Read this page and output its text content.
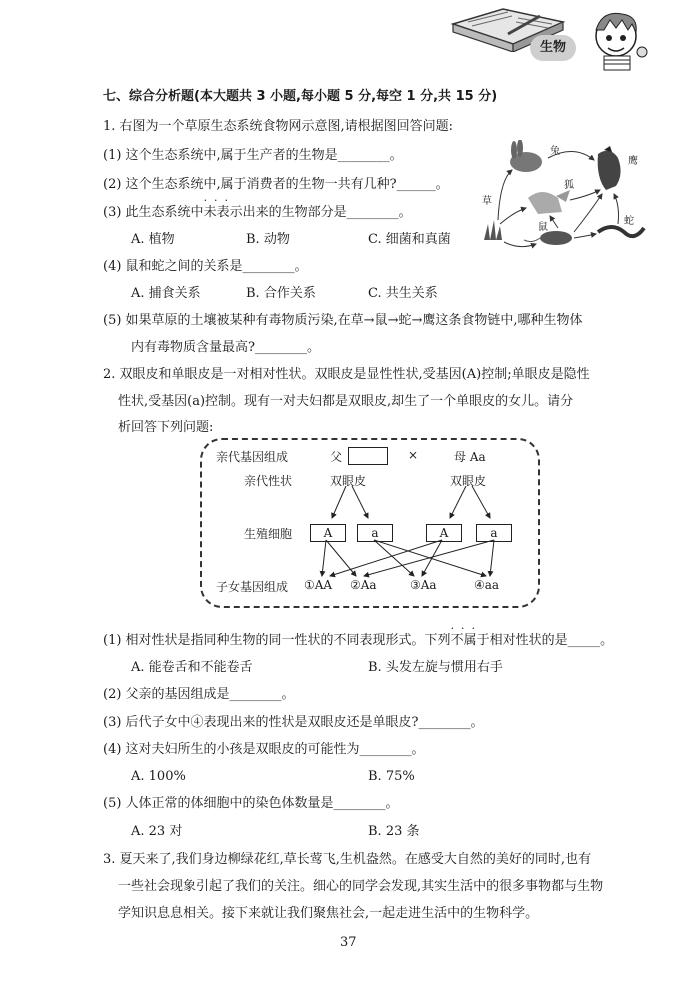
生物
七、综合分析题(本大题共 3 小题,每小题 5 分,每空 1 分,共 15 分)
1. 右图为一个草原生态系统食物网示意图,请根据图回答问题:
(1) 这个生态系统中,属于生产者的生物是________。
(2) 这个生态系统中,属于消费者的生物一共有几种?______。
(3) 此生态系统中
···
未表示出来的生物部分是________。
A. 植物	B. 动物	C. 细菌和真菌
(4) 鼠和蛇之间的关系是________。
A. 捕食关系	B. 合作关系	C. 共生关系
(5) 如果草原的土壤被某种有毒物质污染,在草→鼠→蛇→鹰这条食物链中,哪种生物体
内有毒物质含量最高?________。
兔
鹰
狐
草
鼠
蛇
2. 双眼皮和单眼皮是一对相对性状。双眼皮是显性性状,受基因(A)控制;单眼皮是隐性
性状,受基因(a)控制。现有一对夫妇都是双眼皮,却生了一个单眼皮的女儿。请分
析回答下列问题:
亲代基因组成	父	×	母 Aa
亲代性状	双眼皮	双眼皮
生殖细胞	A	a	A	a
子女基因组成 ①AA ②Aa	③Aa	④aa
(1) 相对性状是指同种生物的同一性状的不同表现形式。下列
···
不属于相对性状的是_____。
A. 能卷舌和不能卷舌	B. 头发左旋与惯用右手
(2) 父亲的基因组成是________。
(3) 后代子女中④表现出来的性状是双眼皮还是单眼皮?________。
(4) 这对夫妇所生的小孩是双眼皮的可能性为________。
A. 100%	B. 75%
(5) 人体正常的体细胞中的染色体数量是________。
A. 23 对	B. 23 条
3. 夏天来了,我们身边柳绿花红,草长莺飞,生机盎然。在感受大自然的美好的同时,也有
一些社会现象引起了我们的关注。细心的同学会发现,其实生活中的很多事物都与生物
学知识息息相关。接下来就让我们聚焦社会,一起走进生活中的生物科学。
37
